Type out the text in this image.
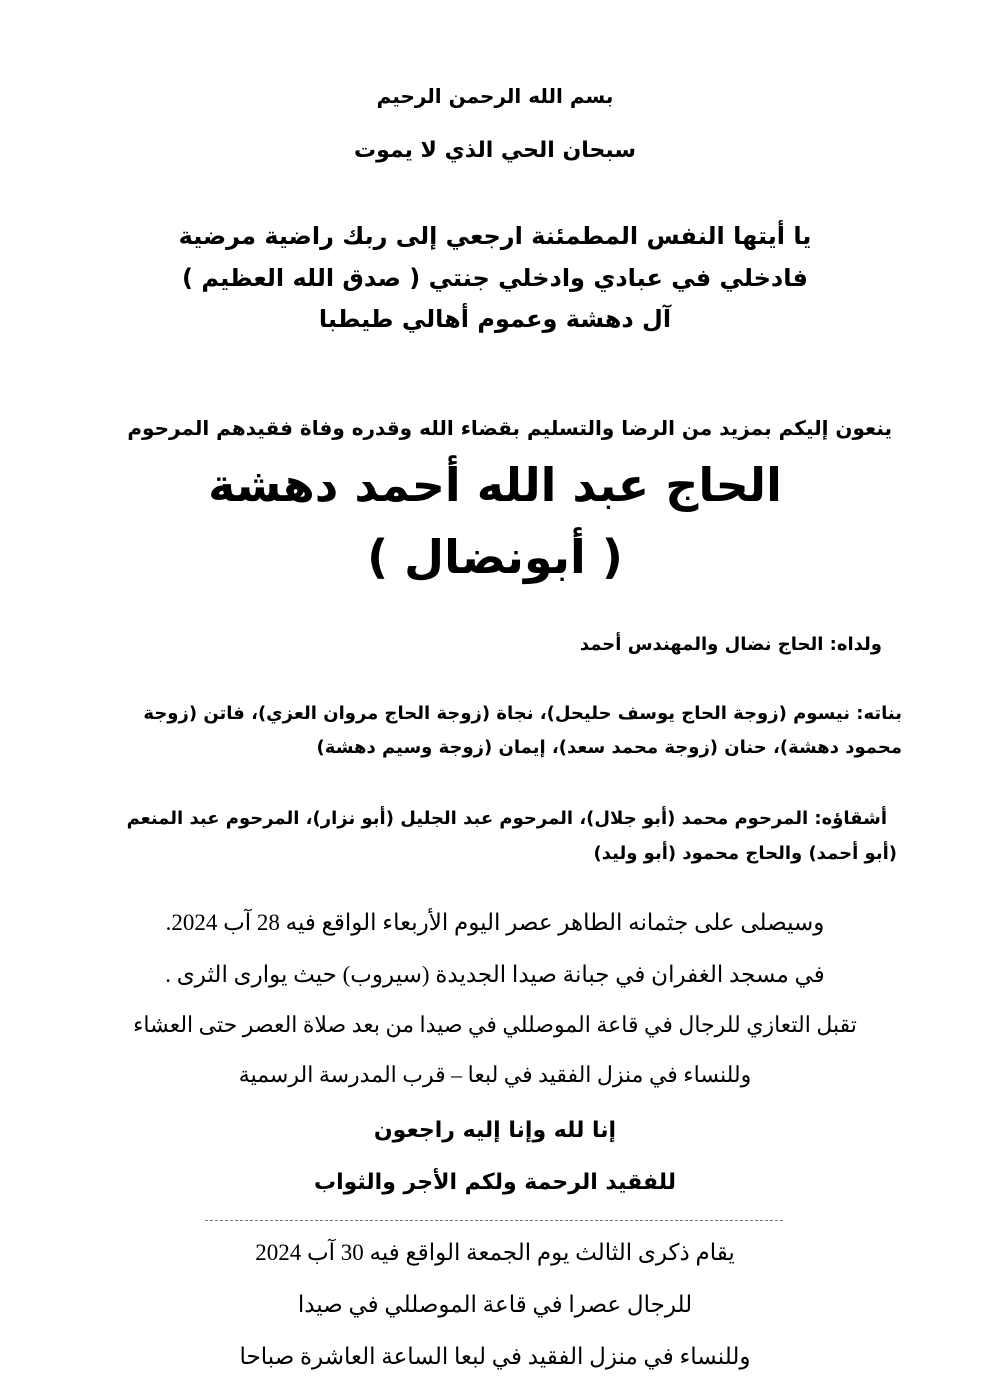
بسم الله الرحمن الرحيم
سبحان الحي الذي لا يموت
يا أيتها النفس المطمئنة ارجعي إلى ربك راضية مرضية
فادخلي في عبادي وادخلي جنتي ( صدق الله العظيم )
آل دهشة وعموم أهالي طيطبا
ينعون إليكم بمزيد من الرضا والتسليم بقضاء الله وقدره وفاة فقيدهم المرحوم
الحاج عبد الله أحمد دهشة
( أبونضال )
ولداه: الحاج نضال والمهندس أحمد
بناته: نيسوم (زوجة الحاج يوسف حليحل)، نجاة (زوجة الحاج مروان العزي)، فاتن (زوجة
محمود دهشة)، حنان (زوجة محمد سعد)، إيمان (زوجة وسيم دهشة)
أشقاؤه: المرحوم محمد (أبو جلال)، المرحوم عبد الجليل (أبو نزار)، المرحوم عبد المنعم
(أبو أحمد) والحاج محمود (أبو وليد)
وسيصلى على جثمانه الطاهر عصر اليوم الأربعاء الواقع فيه 28 آب 2024.
في مسجد الغفران في جبانة صيدا الجديدة (سيروب) حيث يوارى الثرى .
تقبل التعازي للرجال في قاعة الموصللي في صيدا من بعد صلاة العصر حتى العشاء
وللنساء في منزل الفقيد في لبعا – قرب المدرسة الرسمية
إنا لله وإنا إليه راجعون
للفقيد الرحمة ولكم الأجر والثواب
يقام ذكرى الثالث يوم الجمعة الواقع فيه 30 آب 2024
للرجال عصرا في قاعة الموصللي في صيدا
وللنساء في منزل الفقيد في لبعا الساعة العاشرة صباحا
